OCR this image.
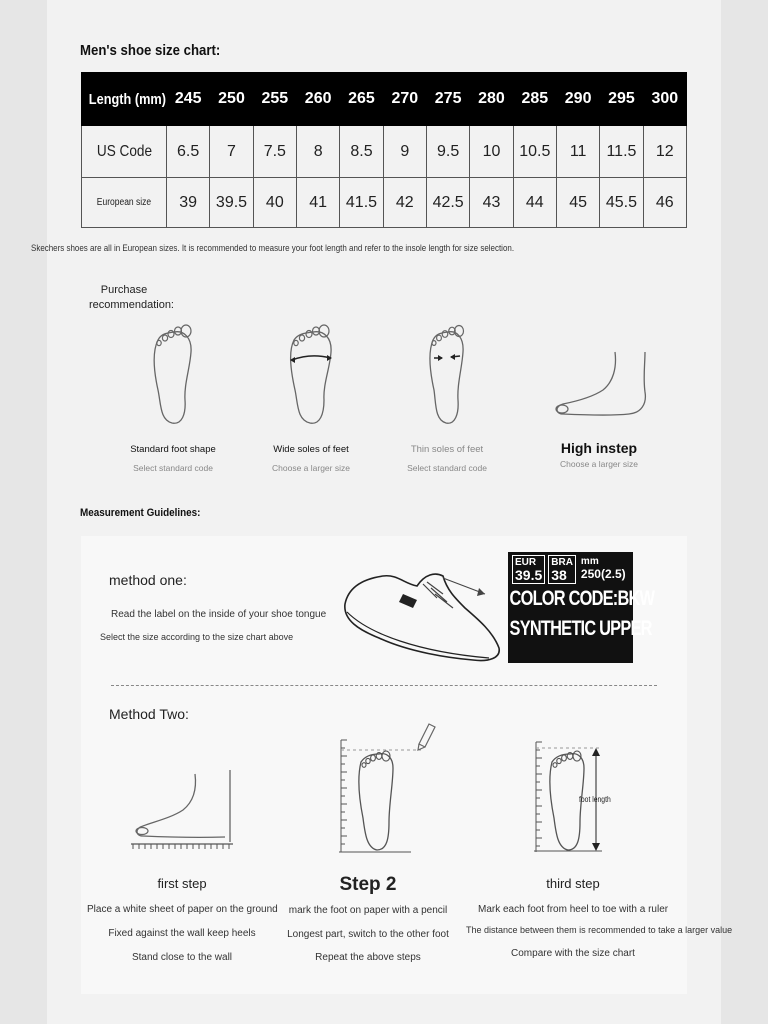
Men's shoe size chart:
Length (mm)	245	250	255	260	265	270	275	280	285	290	295	300
US Code	6.5	7	7.5	8	8.5	9	9.5	10	10.5	11	11.5	12
European size	39	39.5	40	41	41.5	42	42.5	43	44	45	45.5	46
Skechers shoes are all in European sizes. It is recommended to measure your foot length and refer to the insole length for size selection.
Purchase recommendation:
Standard foot shape
Select standard code
Wide soles of feet
Choose a larger size
Thin soles of feet
Select standard code
High instep
Choose a larger size
Measurement Guidelines:
method one:
Read the label on the inside of your shoe tongue
Select the size according to the size chart above
EUR
39.5
BRA
38
mm
250(2.5)
COLOR CODE:BKW
SYNTHETIC UPPER
Method Two:
foot length
first step
Place a white sheet of paper on the ground
Fixed against the wall keep heels
Stand close to the wall
Step 2
mark the foot on paper with a pencil
Longest part, switch to the other foot
Repeat the above steps
third step
Mark each foot from heel to toe with a ruler
The distance between them is recommended to take a larger value
Compare with the size chart
